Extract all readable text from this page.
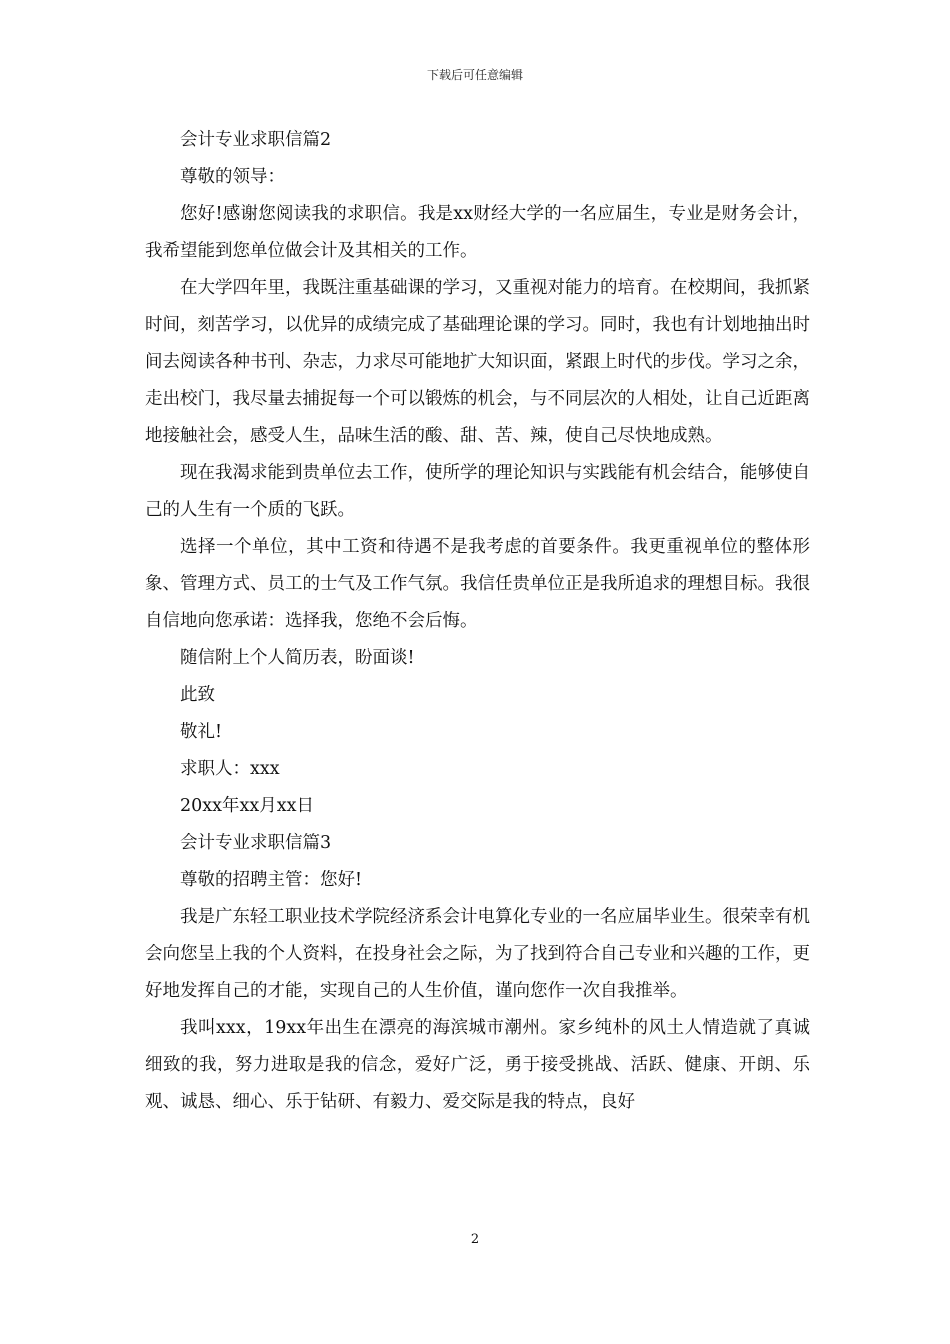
下载后可任意编辑

会计专业求职信篇2

尊敬的领导：

您好!感谢您阅读我的求职信。我是xx财经大学的一名应届生，专业是财务会计，我希望能到您单位做会计及其相关的工作。

在大学四年里，我既注重基础课的学习，又重视对能力的培育。在校期间，我抓紧时间，刻苦学习，以优异的成绩完成了基础理论课的学习。同时，我也有计划地抽出时间去阅读各种书刊、杂志，力求尽可能地扩大知识面，紧跟上时代的步伐。学习之余，走出校门，我尽量去捕捉每一个可以锻炼的机会，与不同层次的人相处，让自己近距离地接触社会，感受人生，品味生活的酸、甜、苦、辣，使自己尽快地成熟。

现在我渴求能到贵单位去工作，使所学的理论知识与实践能有机会结合，能够使自己的人生有一个质的飞跃。

选择一个单位，其中工资和待遇不是我考虑的首要条件。我更重视单位的整体形象、管理方式、员工的士气及工作气氛。我信任贵单位正是我所追求的理想目标。我很自信地向您承诺：选择我，您绝不会后悔。

随信附上个人简历表，盼面谈!

此致

敬礼!

求职人：xxx

20xx年xx月xx日

会计专业求职信篇3

尊敬的招聘主管：您好!

我是广东轻工职业技术学院经济系会计电算化专业的一名应届毕业生。很荣幸有机会向您呈上我的个人资料，在投身社会之际，为了找到符合自己专业和兴趣的工作，更好地发挥自己的才能，实现自己的人生价值，谨向您作一次自我推举。

我叫xxx，19xx年出生在漂亮的海滨城市潮州。家乡纯朴的风土人情造就了真诚细致的我，努力进取是我的信念，爱好广泛，勇于接受挑战、活跃、健康、开朗、乐观、诚恳、细心、乐于钻研、有毅力、爱交际是我的特点，良好

2
